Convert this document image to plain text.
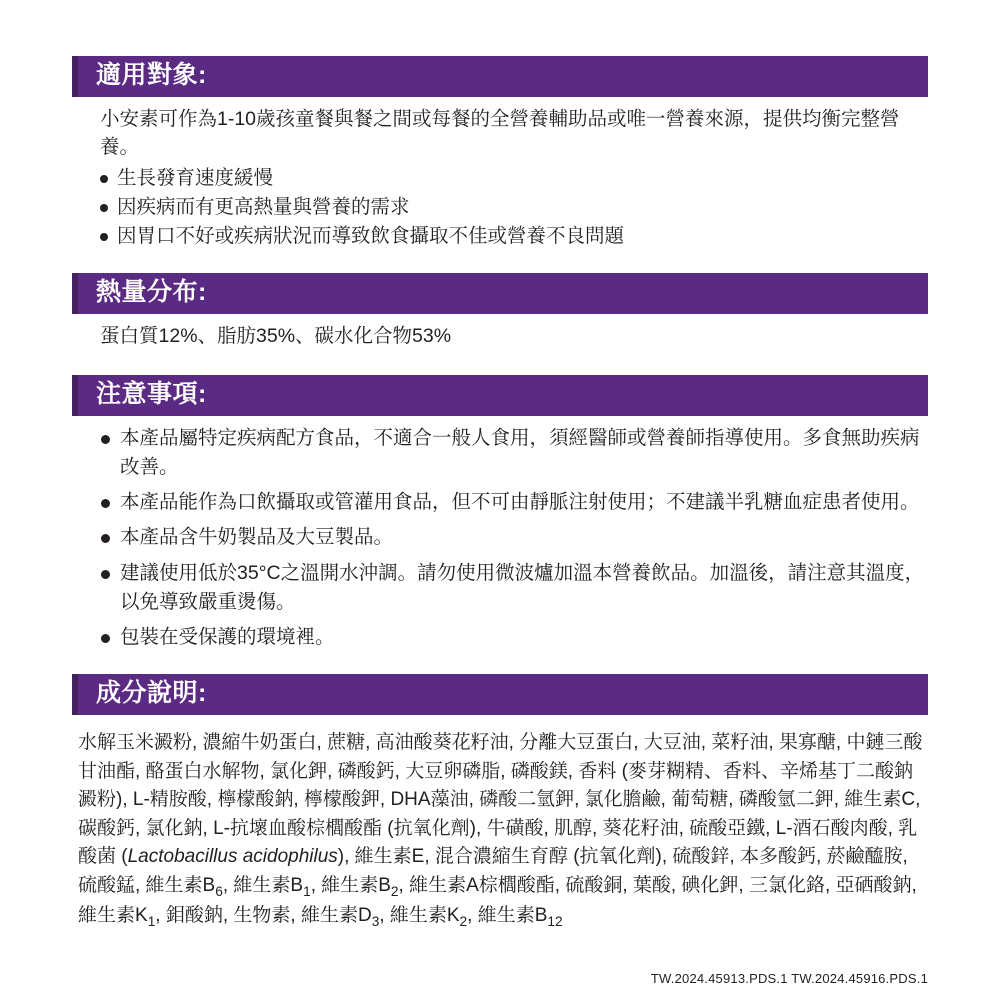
適用對象:

小安素可作為1-10歲孩童餐與餐之間或每餐的全營養輔助品或唯一營養來源，提供均衡完整營養。

生長發育速度緩慢
因疾病而有更高熱量與營養的需求
因胃口不好或疾病狀況而導致飲食攝取不佳或營養不良問題
熱量分布:

蛋白質12%、脂肪35%、碳水化合物53%

注意事項:
本產品屬特定疾病配方食品，不適合一般人食用，須經醫師或營養師指導使用。多食無助疾病改善。
本產品能作為口飲攝取或管灌用食品，但不可由靜脈注射使用；不建議半乳糖血症患者使用。
本產品含牛奶製品及大豆製品。
建議使用低於35°C之溫開水沖調。請勿使用微波爐加溫本營養飲品。加溫後，請注意其溫度，以免導致嚴重燙傷。
包裝在受保護的環境裡。
成分說明:

水解玉米澱粉, 濃縮牛奶蛋白, 蔗糖, 高油酸葵花籽油, 分離大豆蛋白, 大豆油, 菜籽油, 果寡醣, 中鏈三酸甘油酯, 酪蛋白水解物, 氯化鉀, 磷酸鈣, 大豆卵磷脂, 磷酸鎂, 香料 (麥芽糊精、香料、辛烯基丁二酸鈉澱粉), L-精胺酸, 檸檬酸鈉, 檸檬酸鉀, DHA藻油, 磷酸二氫鉀, 氯化膽鹼, 葡萄糖, 磷酸氫二鉀, 維生素C, 碳酸鈣, 氯化鈉, L-抗壞血酸棕櫚酸酯 (抗氧化劑), 牛磺酸, 肌醇, 葵花籽油, 硫酸亞鐵, L-酒石酸肉酸, 乳酸菌 (Lactobacillus acidophilus), 維生素E, 混合濃縮生育醇 (抗氧化劑), 硫酸鋅, 本多酸鈣, 菸鹼醯胺, 硫酸錳, 維生素$B_6$, 維生素$B_1$, 維生素$B_2$, 維生素A棕櫚酸酯, 硫酸銅, 葉酸, 碘化鉀, 三氯化鉻, 亞硒酸鈉, 維生素$K_1$, 鉬酸鈉, 生物素, 維生素$D_3$, 維生素$K_2$, 維生素$B_{12}$

TW.2024.45913.PDS.1 TW.2024.45916.PDS.1
